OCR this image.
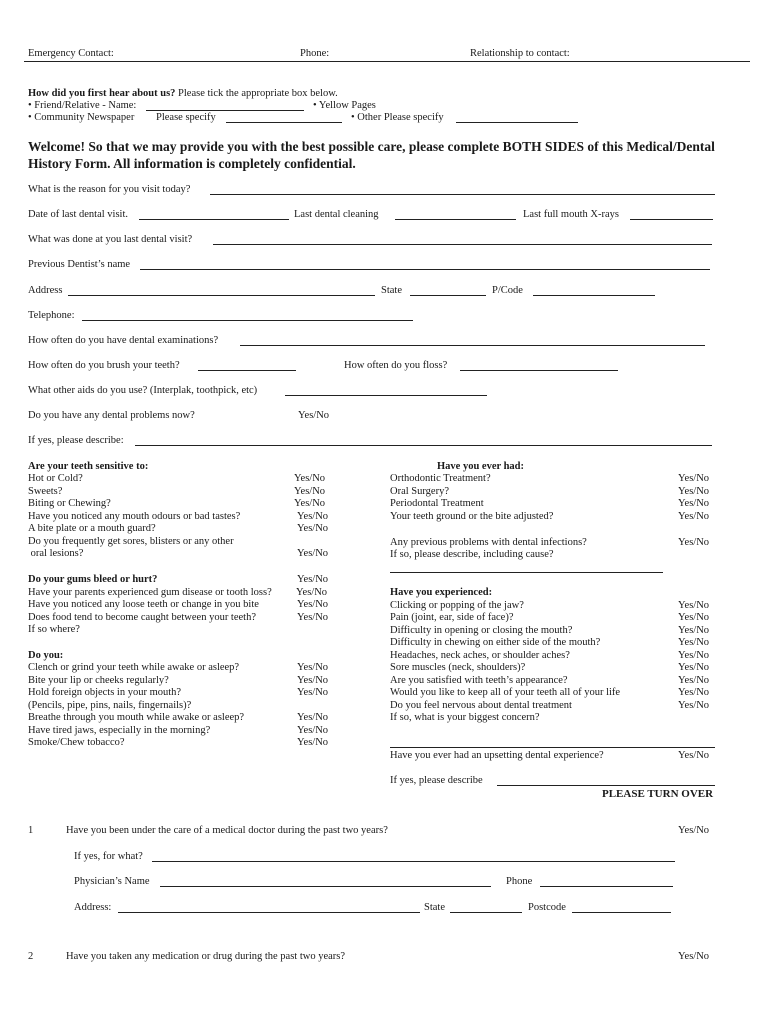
Emergency Contact:	Phone:	Relationship to contact:
How did you first hear about us? Please tick the appropriate box below.
• Friend/Relative - Name:	• Yellow Pages
• Community Newspaper Please specify	• Other Please specify
Welcome! So that we may provide you with the best possible care, please complete BOTH SIDES of this Medical/Dental History Form. All information is completely confidential.
What is the reason for you visit today?
Date of last dental visit.	Last dental cleaning	Last full mouth X-rays
What was done at you last dental visit?
Previous Dentist’s name
Address	State	P/Code
Telephone:
How often do you have dental examinations?
How often do you brush your teeth?	How often do you floss?
What other aids do you use? (Interplak, toothpick, etc)
Do you have any dental problems now?	Yes/No
If yes, please describe:
Are your teeth sensitive to:
Hot or Cold?	Yes/No
Sweets?	Yes/No
Biting or Chewing?	Yes/No
Have you noticed any mouth odours or bad tastes?	Yes/No
A bite plate or a mouth guard?	Yes/No
Do you frequently get sores, blisters or any other
oral lesions?	Yes/No
Do your gums bleed or hurt?	Yes/No
Have your parents experienced gum disease or tooth loss? Yes/No
Have you noticed any loose teeth or change in you bite	Yes/No
Does food tend to become caught between your teeth?	Yes/No
If so where?
Do you:
Clench or grind your teeth while awake or asleep?	Yes/No
Bite your lip or cheeks regularly?	Yes/No
Hold foreign objects in your mouth?	Yes/No
(Pencils, pipe, pins, nails, fingernails)?
Breathe through you mouth while awake or asleep?	Yes/No
Have tired jaws, especially in the morning?	Yes/No
Smoke/Chew tobacco?	Yes/No
Have you ever had:
Orthodontic Treatment?	Yes/No
Oral Surgery?	Yes/No
Periodontal Treatment	Yes/No
Your teeth ground or the bite adjusted?	Yes/No
Any previous problems with dental infections?	Yes/No
If so, please describe, including cause?
Have you experienced:
Clicking or popping of the jaw?	Yes/No
Pain (joint, ear, side of face)?	Yes/No
Difficulty in opening or closing the mouth?	Yes/No
Difficulty in chewing on either side of the mouth?	Yes/No
Headaches, neck aches, or shoulder aches?	Yes/No
Sore muscles (neck, shoulders)?	Yes/No
Are you satisfied with teeth’s appearance?	Yes/No
Would you like to keep all of your teeth all of your life	Yes/No
Do you feel nervous about dental treatment	Yes/No
If so, what is your biggest concern?
Have you ever had an upsetting dental experience?	Yes/No
If yes, please describe
PLEASE TURN OVER
1	Have you been under the care of a medical doctor during the past two years?	Yes/No
If yes, for what?
Physician’s Name	Phone
Address:	State	Postcode
2	Have you taken any medication or drug during the past two years?	Yes/No
